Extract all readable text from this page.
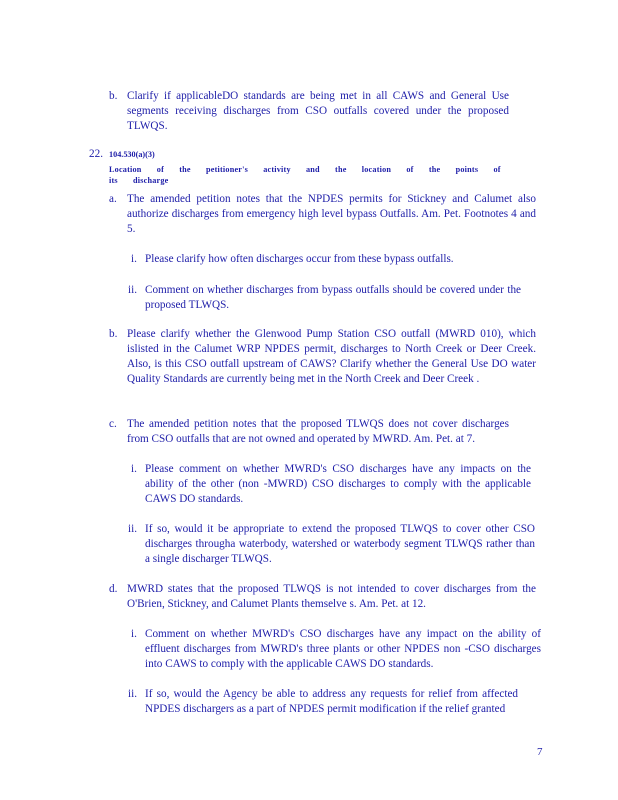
b. Clarify if applicableDO standards are being met in all CAWS and General Use segments receiving discharges from CSO outfalls covered under the proposed TLWQS.
22. 104.530(a)(3)
Location of the petitioner's activity and the location of the points of its discharge
a. The amended petition notes that the NPDES permits for Stickney and Calumet also authorize discharges from emergency high level bypass Outfalls. Am. Pet. Footnotes 4 and 5.
i. Please clarify how often discharges occur from these bypass outfalls.
ii. Comment on whether discharges from bypass outfalls should be covered under the proposed TLWQS.
b. Please clarify whether the Glenwood Pump Station CSO outfall (MWRD 010), which islisted in the Calumet WRP NPDES permit, discharges to North Creek or Deer Creek. Also, is this CSO outfall upstream of CAWS? Clarify whether the General Use DO water Quality Standards are currently being met in the North Creek and Deer Creek .
c. The amended petition notes that the proposed TLWQS does not cover discharges from CSO outfalls that are not owned and operated by MWRD. Am. Pet. at 7.
i. Please comment on whether MWRD's CSO discharges have any impacts on the ability of the other (non -MWRD) CSO discharges to comply with the applicable CAWS DO standards.
ii. If so, would it be appropriate to extend the proposed TLWQS to cover other CSO discharges througha waterbody, watershed or waterbody segment TLWQS rather than a single discharger TLWQS.
d. MWRD states that the proposed TLWQS is not intended to cover discharges from the O'Brien, Stickney, and Calumet Plants themselve s. Am. Pet. at 12.
i. Comment on whether MWRD's CSO discharges have any impact on the ability of effluent discharges from MWRD's three plants or other NPDES non -CSO discharges into CAWS to comply with the applicable CAWS DO standards.
ii. If so, would the Agency be able to address any requests for relief from affected NPDES dischargers as a part of NPDES permit modification if the relief granted
7
